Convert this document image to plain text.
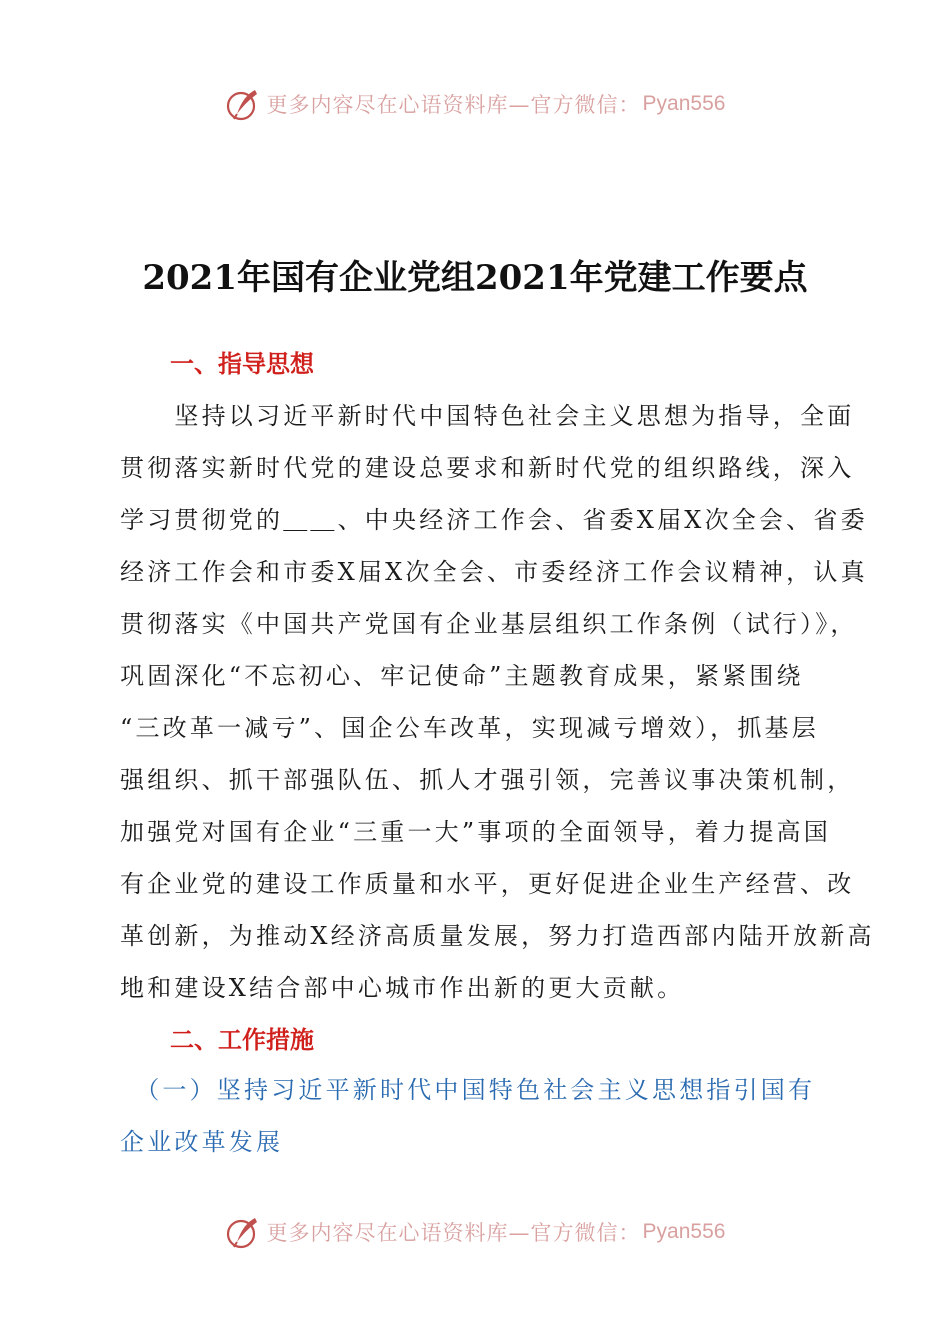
更多内容尽在心语资料库—官方微信： Pyan556
2021年国有企业党组2021年党建工作要点
一、指导思想
　　坚持以习近平新时代中国特色社会主义思想为指导，全面
贯彻落实新时代党的建设总要求和新时代党的组织路线，深入
学习贯彻党的＿＿、中央经济工作会、省委X届X次全会、省委
经济工作会和市委X届X次全会、市委经济工作会议精神，认真
贯彻落实《中国共产党国有企业基层组织工作条例（试行）》，
巩固深化“不忘初心、牢记使命”主题教育成果，紧紧围绕
“三改革一减亏”、国企公车改革，实现减亏增效），抓基层
强组织、抓干部强队伍、抓人才强引领，完善议事决策机制，
加强党对国有企业“三重一大”事项的全面领导，着力提高国
有企业党的建设工作质量和水平，更好促进企业生产经营、改
革创新，为推动X经济高质量发展，努力打造西部内陆开放新高
地和建设X结合部中心城市作出新的更大贡献。
二、工作措施
　（一）坚持习近平新时代中国特色社会主义思想指引国有
企业改革发展
更多内容尽在心语资料库—官方微信： Pyan556
